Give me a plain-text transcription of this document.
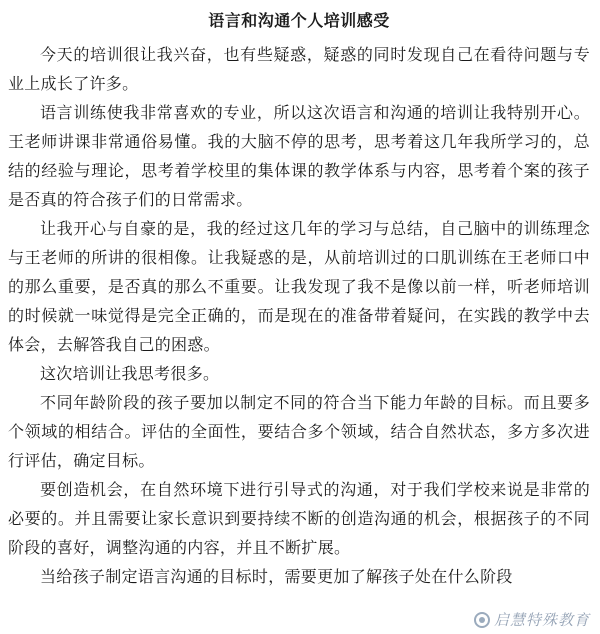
语言和沟通个人培训感受

今天的培训很让我兴奋，也有些疑惑，疑惑的同时发现自己在看待问题与专业上成长了许多。

语言训练使我非常喜欢的专业，所以这次语言和沟通的培训让我特别开心。王老师讲课非常通俗易懂。我的大脑不停的思考，思考着这几年我所学习的，总结的经验与理论，思考着学校里的集体课的教学体系与内容，思考着个案的孩子是否真的符合孩子们的日常需求。

让我开心与自豪的是，我的经过这几年的学习与总结，自己脑中的训练理念与王老师的所讲的很相像。让我疑惑的是，从前培训过的口肌训练在王老师口中的那么重要，是否真的那么不重要。让我发现了我不是像以前一样，听老师培训的时候就一味觉得是完全正确的，而是现在的准备带着疑问，在实践的教学中去体会，去解答我自己的困惑。

这次培训让我思考很多。

不同年龄阶段的孩子要加以制定不同的符合当下能力年龄的目标。而且要多个领域的相结合。评估的全面性，要结合多个领域，结合自然状态，多方多次进行评估，确定目标。

要创造机会，在自然环境下进行引导式的沟通，对于我们学校来说是非常的必要的。并且需要让家长意识到要持续不断的创造沟通的机会，根据孩子的不同阶段的喜好，调整沟通的内容，并且不断扩展。

当给孩子制定语言沟通的目标时，需要更加了解孩子处在什么阶段

启慧特殊教育
